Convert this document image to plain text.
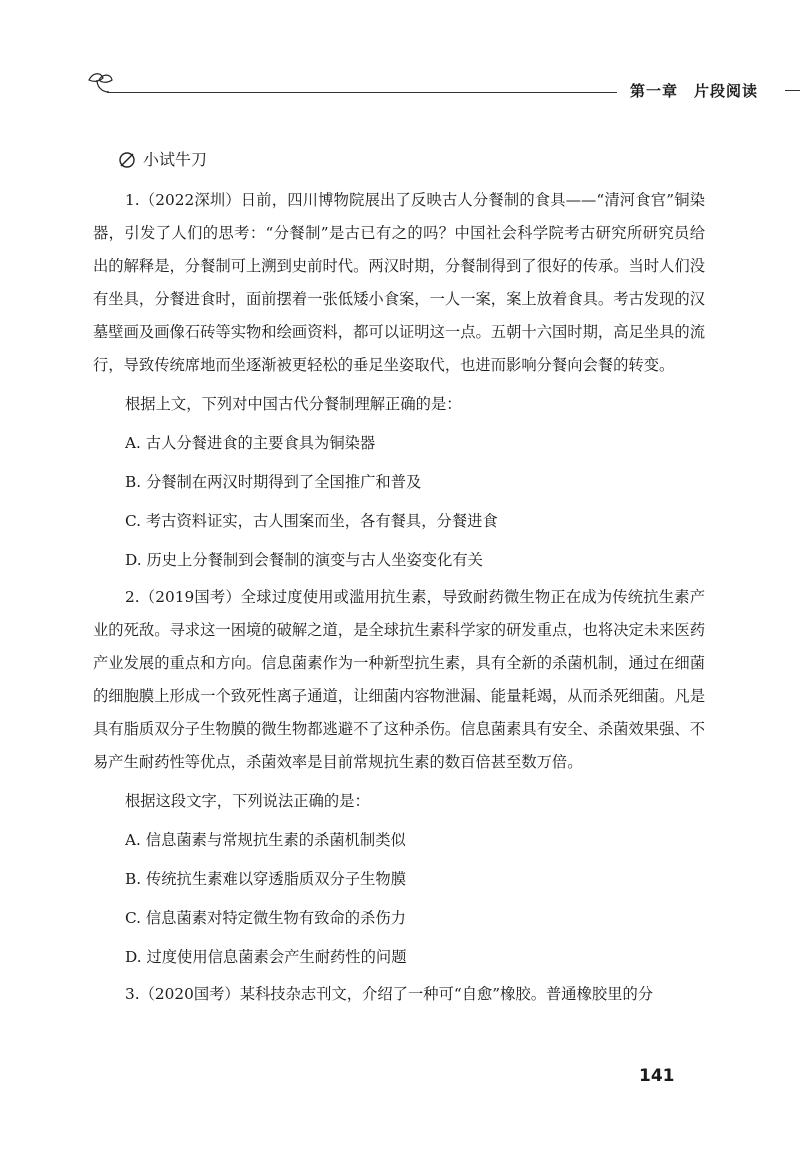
第一章　片段阅读
小试牛刀

1.（2022深圳）日前，四川博物院展出了反映古人分餐制的食具——“清河食官”铜染器，引发了人们的思考：“分餐制”是古已有之的吗？中国社会科学院考古研究所研究员给出的解释是，分餐制可上溯到史前时代。两汉时期，分餐制得到了很好的传承。当时人们没有坐具，分餐进食时，面前摆着一张低矮小食案，一人一案，案上放着食具。考古发现的汉墓壁画及画像石砖等实物和绘画资料，都可以证明这一点。五朝十六国时期，高足坐具的流行，导致传统席地而坐逐渐被更轻松的垂足坐姿取代，也进而影响分餐向会餐的转变。

根据上文，下列对中国古代分餐制理解正确的是：

A. 古人分餐进食的主要食具为铜染器

B. 分餐制在两汉时期得到了全国推广和普及

C. 考古资料证实，古人围案而坐，各有餐具，分餐进食

D. 历史上分餐制到会餐制的演变与古人坐姿变化有关

2.（2019国考）全球过度使用或滥用抗生素，导致耐药微生物正在成为传统抗生素产业的死敌。寻求这一困境的破解之道，是全球抗生素科学家的研发重点，也将决定未来医药产业发展的重点和方向。信息菌素作为一种新型抗生素，具有全新的杀菌机制，通过在细菌的细胞膜上形成一个致死性离子通道，让细菌内容物泄漏、能量耗竭，从而杀死细菌。凡是具有脂质双分子生物膜的微生物都逃避不了这种杀伤。信息菌素具有安全、杀菌效果强、不易产生耐药性等优点，杀菌效率是目前常规抗生素的数百倍甚至数万倍。

根据这段文字，下列说法正确的是：

A. 信息菌素与常规抗生素的杀菌机制类似

B. 传统抗生素难以穿透脂质双分子生物膜

C. 信息菌素对特定微生物有致命的杀伤力

D. 过度使用信息菌素会产生耐药性的问题

3.（2020国考）某科技杂志刊文，介绍了一种可“自愈”橡胶。普通橡胶里的分

141
